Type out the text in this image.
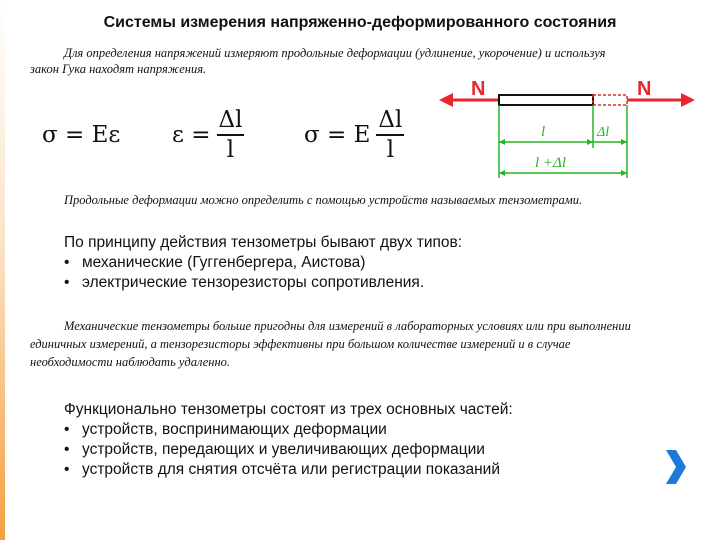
Системы измерения напряженно-деформированного состояния
Для определения напряжений измеряют продольные деформации (удлинение, укорочение) и используя
закон Гука находят напряжения.
σ = Eε $\varepsilon = \frac{\Delta l}{l}$	σ = E $\frac{\Delta l}{l}$
N	N
l	Δl
l +Δl
Продольные деформации можно определить с помощью устройств называемых тензометрами.
По принципу действия тензометры бывают двух типов:
• механические (Гуггенбергера, Аистова)
• электрические тензорезисторы сопротивления.
Механические тензометры больше пригодны для измерений в лабораторных условиях или при выполнении
единичных измерений, а тензорезисторы эффективны при большом количестве измерений и в случае
необходимости наблюдать удаленно.
Функционально тензометры состоят из трех основных частей:
• устройств, воспринимающих деформации
• устройств, передающих и увеличивающих деформации
• устройств для снятия отсчёта или регистрации показаний
